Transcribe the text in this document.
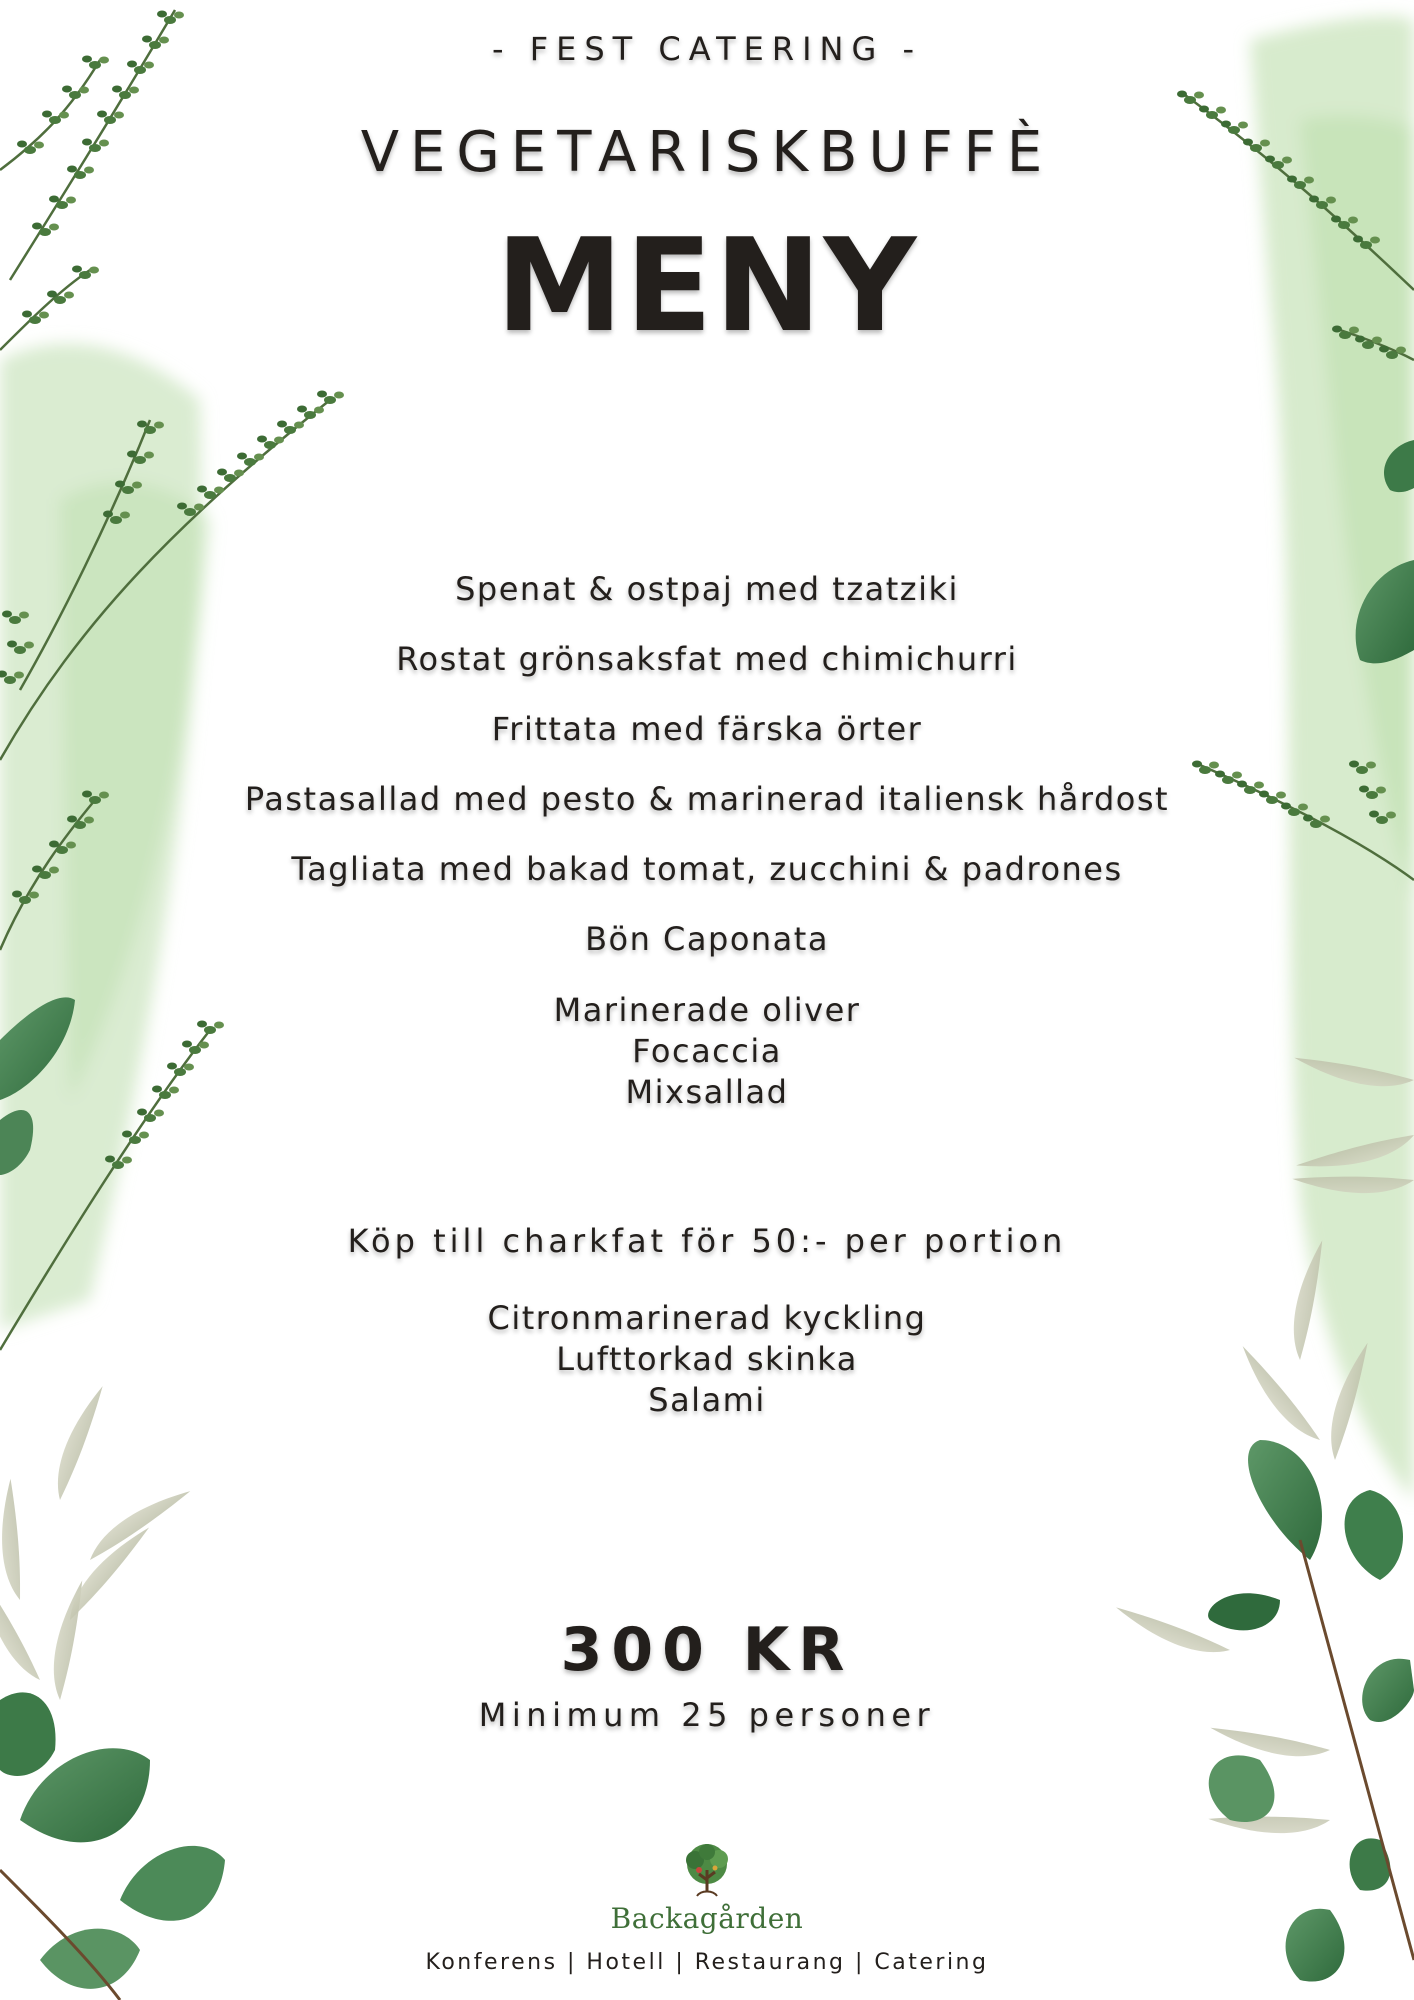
- FEST CATERING -
VEGETARISKBUFFÈ
MENY
Spenat & ostpaj med tzatziki
Rostat grönsaksfat med chimichurri
Frittata med färska örter
Pastasallad med pesto & marinerad italiensk hårdost
Tagliata med bakad tomat, zucchini & padrones
Bön Caponata
Marinerade oliver
Focaccia
Mixsallad
Köp till charkfat för 50:- per portion
Citronmarinerad kyckling
Lufttorkad skinka
Salami
300 KR
Minimum 25 personer
Backagården
Konferens | Hotell | Restaurang | Catering
